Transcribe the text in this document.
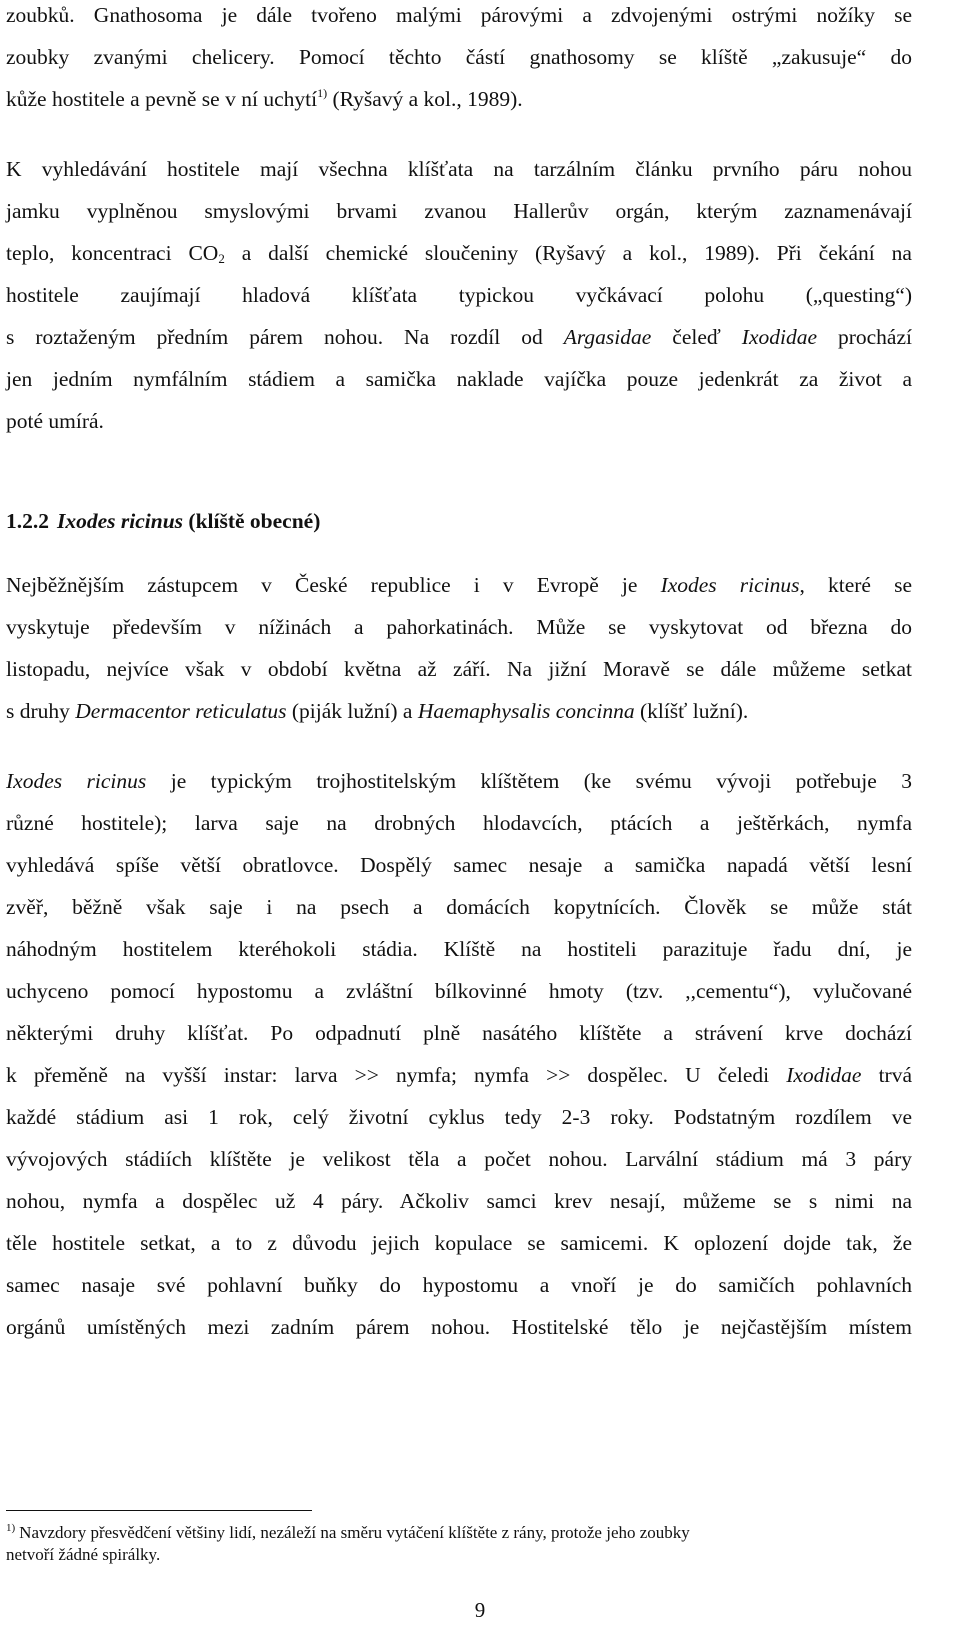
zoubků. Gnathosoma je dále tvořeno malými párovými a zdvojenými ostrými nožíky se
zoubky zvanými chelicery. Pomocí těchto částí gnathosomy se klíště „zakusuje“ do
kůže hostitele a pevně se v ní uchytí$^{1)}$ (Ryšavý a kol., 1989).
K vyhledávání hostitele mají všechna klíšťata na tarzálním článku prvního páru nohou
jamku vyplněnou smyslovými brvami zvanou Hallerův orgán, kterým zaznamenávají
teplo, koncentraci $CO_2$ a další chemické sloučeniny (Ryšavý a kol., 1989). Při čekání na
hostitele zaujímají hladová klíšťata typickou vyčkávací polohu („questing“)
s roztaženým předním párem nohou. Na rozdíl od Argasidae čeleď Ixodidae prochází
jen jedním nymfálním stádiem a samička naklade vajíčka pouze jedenkrát za život a
poté umírá.
1.2.2 Ixodes ricinus (klíště obecné)
Nejběžnějším zástupcem v České republice i v Evropě je Ixodes ricinus, které se
vyskytuje především v nížinách a pahorkatinách. Může se vyskytovat od března do
listopadu, nejvíce však v období května až září. Na jižní Moravě se dále můžeme setkat
s druhy Dermacentor reticulatus (piják lužní) a Haemaphysalis concinna (klíšť lužní).
Ixodes ricinus je typickým trojhostitelským klíštětem (ke svému vývoji potřebuje 3
různé hostitele); larva saje na drobných hlodavcích, ptácích a ještěrkách, nymfa
vyhledává spíše větší obratlovce. Dospělý samec nesaje a samička napadá větší lesní
zvěř, běžně však saje i na psech a domácích kopytnících. Člověk se může stát
náhodným hostitelem kteréhokoli stádia. Klíště na hostiteli parazituje řadu dní, je
uchyceno pomocí hypostomu a zvláštní bílkovinné hmoty (tzv. ,,cementu“), vylučované
některými druhy klíšťat. Po odpadnutí plně nasátého klíštěte a strávení krve dochází
k přeměně na vyšší instar: larva >> nymfa; nymfa >> dospělec. U čeledi Ixodidae trvá
každé stádium asi 1 rok, celý životní cyklus tedy 2-3 roky. Podstatným rozdílem ve
vývojových stádiích klíštěte je velikost těla a počet nohou. Larvální stádium má 3 páry
nohou, nymfa a dospělec už 4 páry. Ačkoliv samci krev nesají, můžeme se s nimi na
těle hostitele setkat, a to z důvodu jejich kopulace se samicemi. K oplození dojde tak, že
samec nasaje své pohlavní buňky do hypostomu a vnoří je do samičích pohlavních
orgánů umístěných mezi zadním párem nohou. Hostitelské tělo je nejčastějším místem
$^{1)}$ Navzdory přesvědčení většiny lidí, nezáleží na směru vytáčení klíštěte z rány, protože jeho zoubky
netvoří žádné spirálky.
9
